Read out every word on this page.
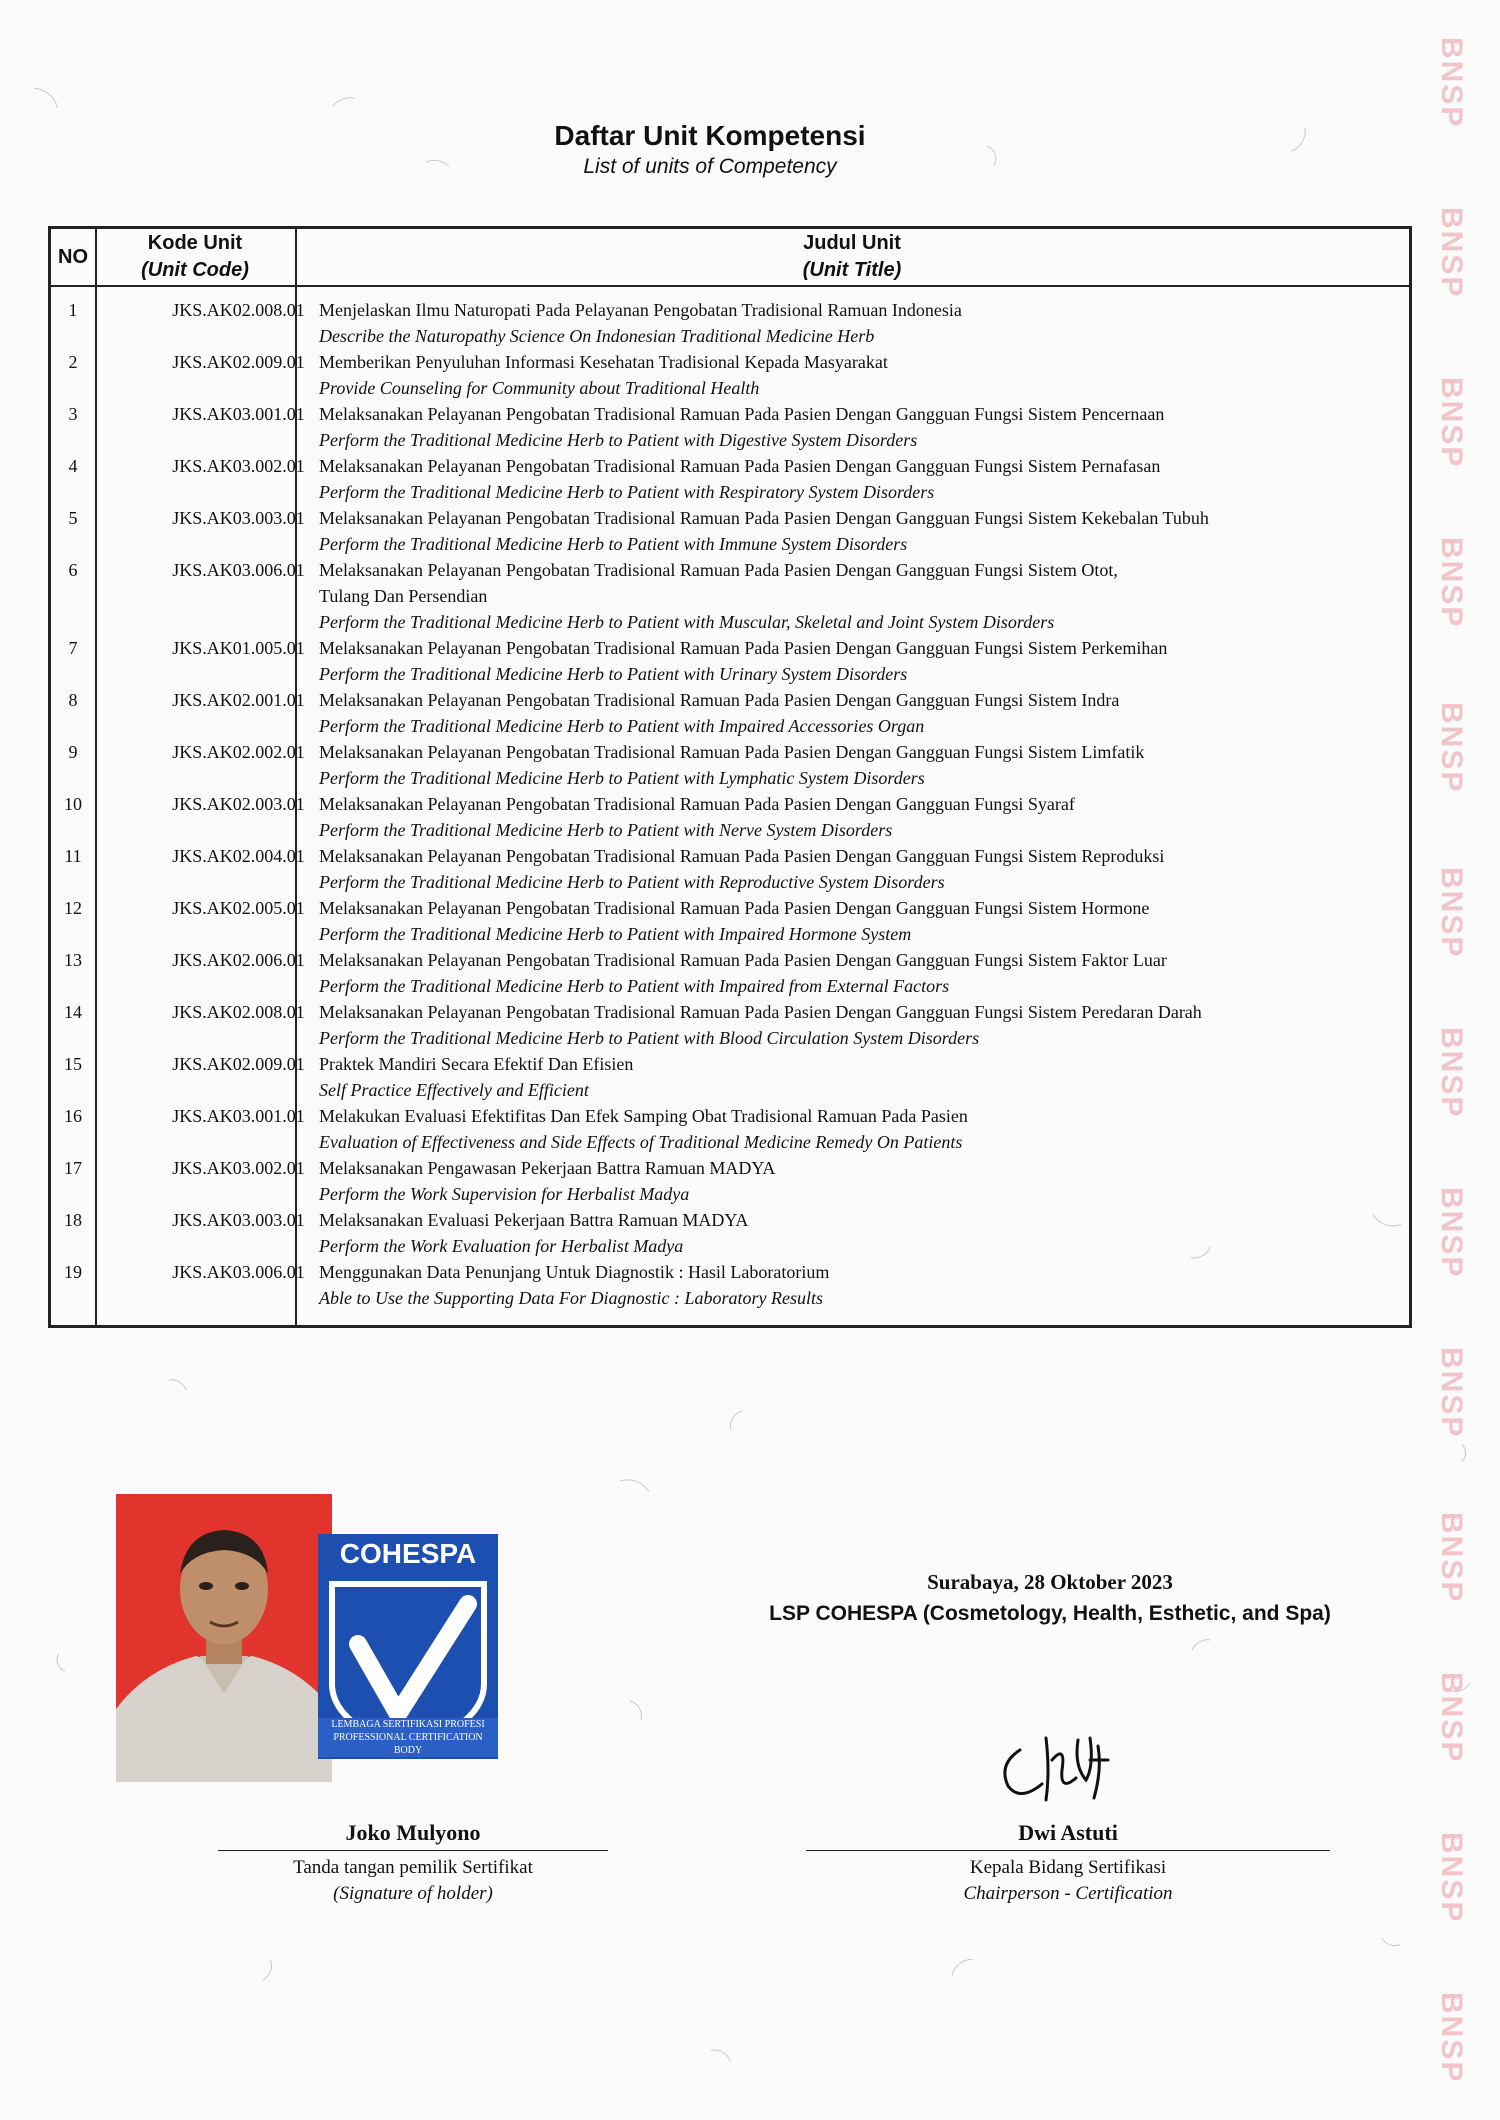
BNSP
BNSP
BNSP
BNSP
BNSP
BNSP
BNSP
BNSP
BNSP
BNSP
BNSP
BNSP
BNSP
Daftar Unit Kompetensi
List of units of Competency
NO
Kode Unit
(Unit Code)
Judul Unit
(Unit Title)
1	JKS.AK02.008.01 Menjelaskan Ilmu Naturopati Pada Pelayanan Pengobatan Tradisional Ramuan Indonesia
Describe the Naturopathy Science On Indonesian Traditional Medicine Herb
2	JKS.AK02.009.01 Memberikan Penyuluhan Informasi Kesehatan Tradisional Kepada Masyarakat
Provide Counseling for Community about Traditional Health
3	JKS.AK03.001.01 Melaksanakan Pelayanan Pengobatan Tradisional Ramuan Pada Pasien Dengan Gangguan Fungsi Sistem Pencernaan
Perform the Traditional Medicine Herb to Patient with Digestive System Disorders
4	JKS.AK03.002.01 Melaksanakan Pelayanan Pengobatan Tradisional Ramuan Pada Pasien Dengan Gangguan Fungsi Sistem Pernafasan
Perform the Traditional Medicine Herb to Patient with Respiratory System Disorders
5	JKS.AK03.003.01 Melaksanakan Pelayanan Pengobatan Tradisional Ramuan Pada Pasien Dengan Gangguan Fungsi Sistem Kekebalan Tubuh
Perform the Traditional Medicine Herb to Patient with Immune System Disorders
6	JKS.AK03.006.01 Melaksanakan Pelayanan Pengobatan Tradisional Ramuan Pada Pasien Dengan Gangguan Fungsi Sistem Otot,
Tulang Dan Persendian
Perform the Traditional Medicine Herb to Patient with Muscular, Skeletal and Joint System Disorders
7	JKS.AK01.005.01 Melaksanakan Pelayanan Pengobatan Tradisional Ramuan Pada Pasien Dengan Gangguan Fungsi Sistem Perkemihan
Perform the Traditional Medicine Herb to Patient with Urinary System Disorders
8	JKS.AK02.001.01 Melaksanakan Pelayanan Pengobatan Tradisional Ramuan Pada Pasien Dengan Gangguan Fungsi Sistem Indra
Perform the Traditional Medicine Herb to Patient with Impaired Accessories Organ
9	JKS.AK02.002.01 Melaksanakan Pelayanan Pengobatan Tradisional Ramuan Pada Pasien Dengan Gangguan Fungsi Sistem Limfatik
Perform the Traditional Medicine Herb to Patient with Lymphatic System Disorders
10	JKS.AK02.003.01 Melaksanakan Pelayanan Pengobatan Tradisional Ramuan Pada Pasien Dengan Gangguan Fungsi Syaraf
Perform the Traditional Medicine Herb to Patient with Nerve System Disorders
11	JKS.AK02.004.01 Melaksanakan Pelayanan Pengobatan Tradisional Ramuan Pada Pasien Dengan Gangguan Fungsi Sistem Reproduksi
Perform the Traditional Medicine Herb to Patient with Reproductive System Disorders
12	JKS.AK02.005.01 Melaksanakan Pelayanan Pengobatan Tradisional Ramuan Pada Pasien Dengan Gangguan Fungsi Sistem Hormone
Perform the Traditional Medicine Herb to Patient with Impaired Hormone System
13	JKS.AK02.006.01 Melaksanakan Pelayanan Pengobatan Tradisional Ramuan Pada Pasien Dengan Gangguan Fungsi Sistem Faktor Luar
Perform the Traditional Medicine Herb to Patient with Impaired from External Factors
14	JKS.AK02.008.01 Melaksanakan Pelayanan Pengobatan Tradisional Ramuan Pada Pasien Dengan Gangguan Fungsi Sistem Peredaran Darah
Perform the Traditional Medicine Herb to Patient with Blood Circulation System Disorders
15	JKS.AK02.009.01 Praktek Mandiri Secara Efektif Dan Efisien
Self Practice Effectively and Efficient
16	JKS.AK03.001.01 Melakukan Evaluasi Efektifitas Dan Efek Samping Obat Tradisional Ramuan Pada Pasien
Evaluation of Effectiveness and Side Effects of Traditional Medicine Remedy On Patients
17	JKS.AK03.002.01 Melaksanakan Pengawasan Pekerjaan Battra Ramuan MADYA
Perform the Work Supervision for Herbalist Madya
18	JKS.AK03.003.01 Melaksanakan Evaluasi Pekerjaan Battra Ramuan MADYA
Perform the Work Evaluation for Herbalist Madya
19	JKS.AK03.006.01 Menggunakan Data Penunjang Untuk Diagnostik : Hasil Laboratorium
Able to Use the Supporting Data For Diagnostic : Laboratory Results
Surabaya, 28 Oktober 2023
LSP COHESPA (Cosmetology, Health, Esthetic, and Spa)
COHESPA
LEMBAGA SERTIFIKASI PROFESI
PROFESSIONAL CERTIFICATION BODY
Joko Mulyono
Tanda tangan pemilik Sertifikat
(Signature of holder)
Dwi Astuti
Kepala Bidang Sertifikasi
Chairperson - Certification
